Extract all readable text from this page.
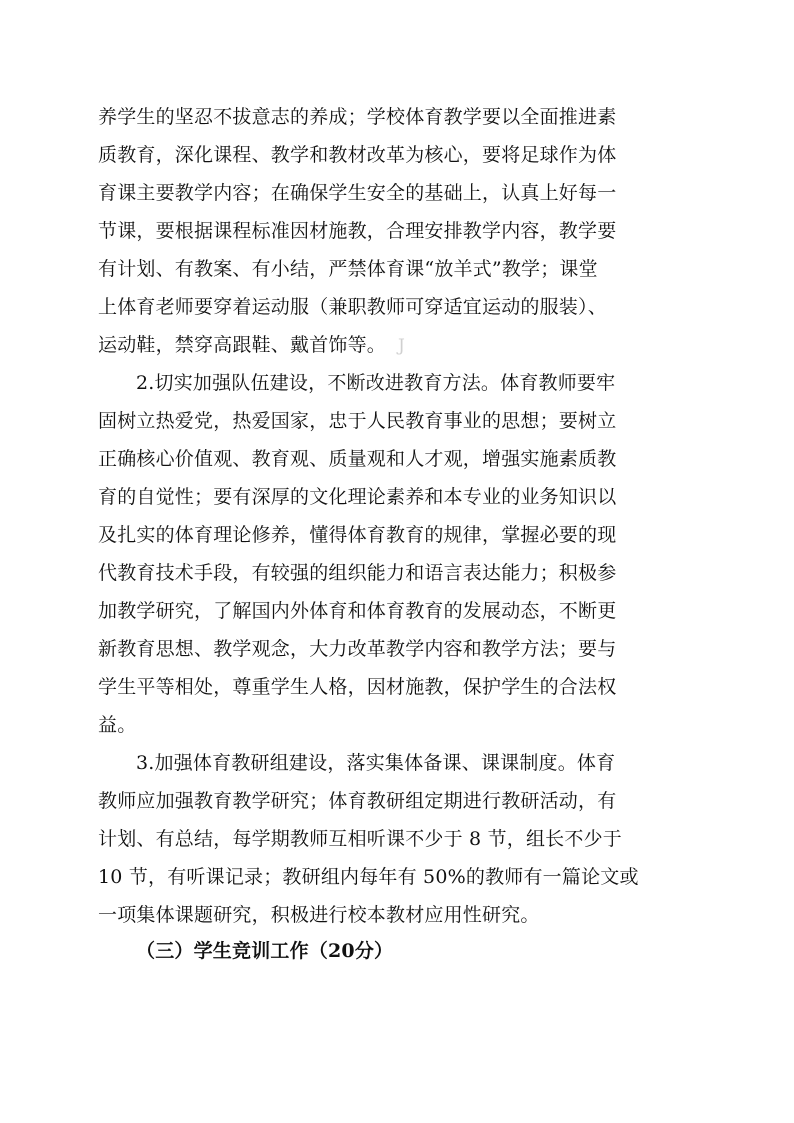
养学生的坚忍不拔意志的养成；学校体育教学要以全面推进素
质教育，深化课程、教学和教材改革为核心，要将足球作为体
育课主要教学内容；在确保学生安全的基础上，认真上好每一
节课，要根据课程标准因材施教，合理安排教学内容，教学要
有计划、有教案、有小结，严禁体育课“放羊式”教学；课堂
上体育老师要穿着运动服（兼职教师可穿适宜运动的服装）、
运动鞋，禁穿高跟鞋、戴首饰等。 J
2.切实加强队伍建设，不断改进教育方法。体育教师要牢
固树立热爱党，热爱国家，忠于人民教育事业的思想；要树立
正确核心价值观、教育观、质量观和人才观，增强实施素质教
育的自觉性；要有深厚的文化理论素养和本专业的业务知识以
及扎实的体育理论修养，懂得体育教育的规律，掌握必要的现
代教育技术手段，有较强的组织能力和语言表达能力；积极参
加教学研究，了解国内外体育和体育教育的发展动态，不断更
新教育思想、教学观念，大力改革教学内容和教学方法；要与
学生平等相处，尊重学生人格，因材施教，保护学生的合法权
益。
3.加强体育教研组建设，落实集体备课、课课制度。体育
教师应加强教育教学研究；体育教研组定期进行教研活动，有
计划、有总结，每学期教师互相听课不少于 8 节，组长不少于
10 节，有听课记录；教研组内每年有 50%的教师有一篇论文或
一项集体课题研究，积极进行校本教材应用性研究。
（三）学生竞训工作（20分）
